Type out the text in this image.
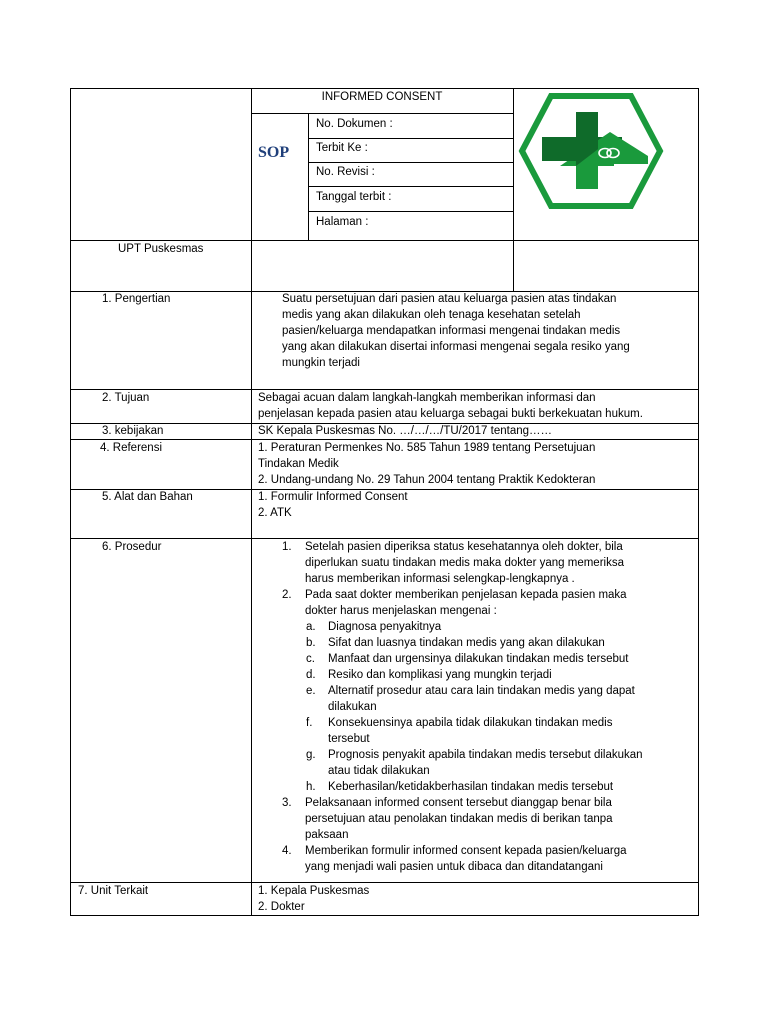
INFORMED CONSENT
SOP
No. Dokumen :
Terbit Ke :
No. Revisi :
Tanggal terbit :
Halaman :
UPT Puskesmas
1. Pengertian
2. Tujuan
3. kebijakan
4. Referensi
5. Alat dan Bahan
6. Prosedur
7. Unit Terkait
Suatu persetujuan dari pasien atau keluarga pasien atas tindakan
medis yang akan dilakukan oleh tenaga kesehatan setelah
pasien/keluarga mendapatkan informasi mengenai tindakan medis
yang akan dilakukan disertai informasi mengenai segala resiko yang
mungkin terjadi
Sebagai acuan dalam langkah-langkah memberikan informasi dan
penjelasan kepada pasien atau keluarga sebagai bukti berkekuatan hukum.
SK Kepala Puskesmas No. …/…/…/TU/2017 tentang……
1. Peraturan Permenkes No. 585 Tahun 1989 tentang Persetujuan
Tindakan Medik
2. Undang-undang No. 29 Tahun 2004 tentang Praktik Kedokteran
1. Formulir Informed Consent
2. ATK
1. Setelah pasien diperiksa status kesehatannya oleh dokter, bila
diperlukan suatu tindakan medis maka dokter yang memeriksa
harus memberikan informasi selengkap-lengkapnya .
2. Pada saat dokter memberikan penjelasan kepada pasien maka
dokter harus menjelaskan mengenai :
a. Diagnosa penyakitnya
b. Sifat dan luasnya tindakan medis yang akan dilakukan
c. Manfaat dan urgensinya dilakukan tindakan medis tersebut
d. Resiko dan komplikasi yang mungkin terjadi
e. Alternatif prosedur atau cara lain tindakan medis yang dapat
dilakukan
f. Konsekuensinya apabila tidak dilakukan tindakan medis
tersebut
g. Prognosis penyakit apabila tindakan medis tersebut dilakukan
atau tidak dilakukan
h. Keberhasilan/ketidakberhasilan tindakan medis tersebut
3. Pelaksanaan informed consent tersebut dianggap benar bila
persetujuan atau penolakan tindakan medis di berikan tanpa
paksaan
4. Memberikan formulir informed consent kepada pasien/keluarga
yang menjadi wali pasien untuk dibaca dan ditandatangani
1. Kepala Puskesmas
2. Dokter
